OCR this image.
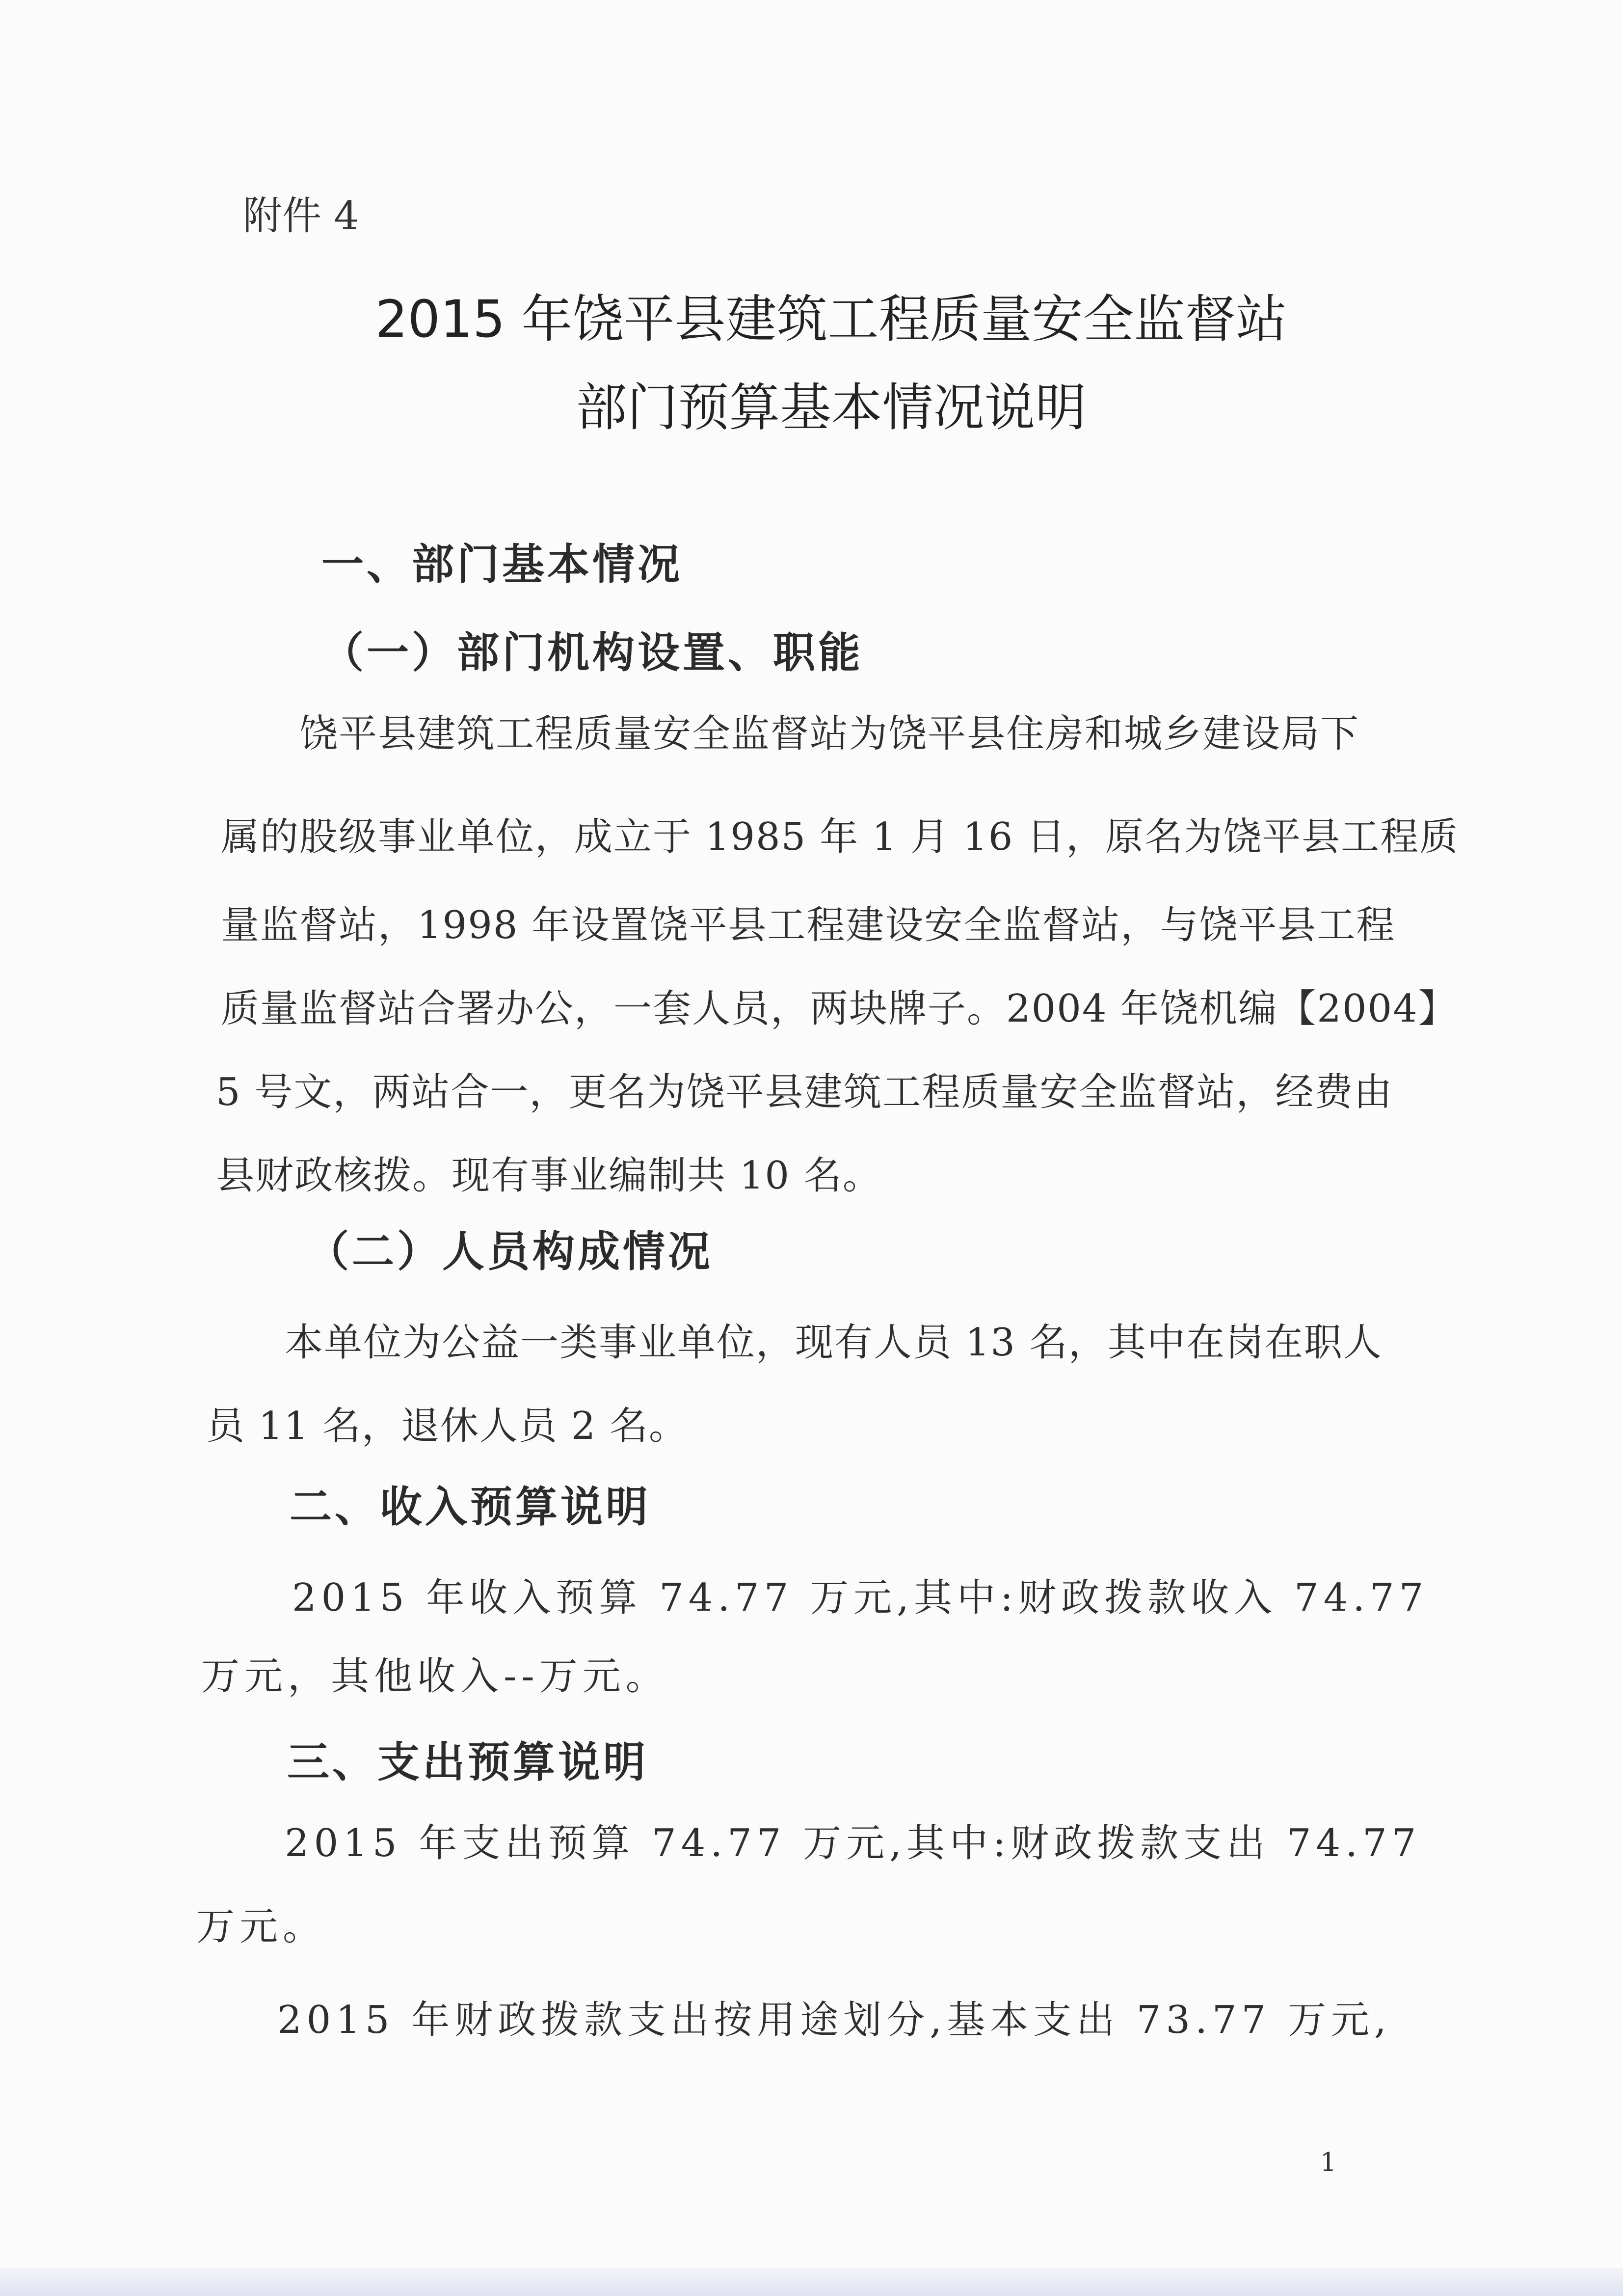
附件 4
2015 年饶平县建筑工程质量安全监督站
部门预算基本情况说明
一、部门基本情况
（一）部门机构设置、职能
饶平县建筑工程质量安全监督站为饶平县住房和城乡建设局下
属的股级事业单位，成立于 1985 年 1 月 16 日，原名为饶平县工程质
量监督站，1998 年设置饶平县工程建设安全监督站，与饶平县工程
质量监督站合署办公，一套人员，两块牌子。2004 年饶机编【2004】
5 号文，两站合一，更名为饶平县建筑工程质量安全监督站，经费由
县财政核拨。现有事业编制共 10 名。
（二）人员构成情况
本单位为公益一类事业单位，现有人员 13 名，其中在岗在职人
员 11 名，退休人员 2 名。
二、收入预算说明
2015 年收入预算 74.77 万元,其中:财政拨款收入 74.77
万元，其他收入--万元。
三、支出预算说明
2015 年支出预算 74.77 万元,其中:财政拨款支出 74.77
万元。
2015 年财政拨款支出按用途划分,基本支出 73.77 万元,
1
